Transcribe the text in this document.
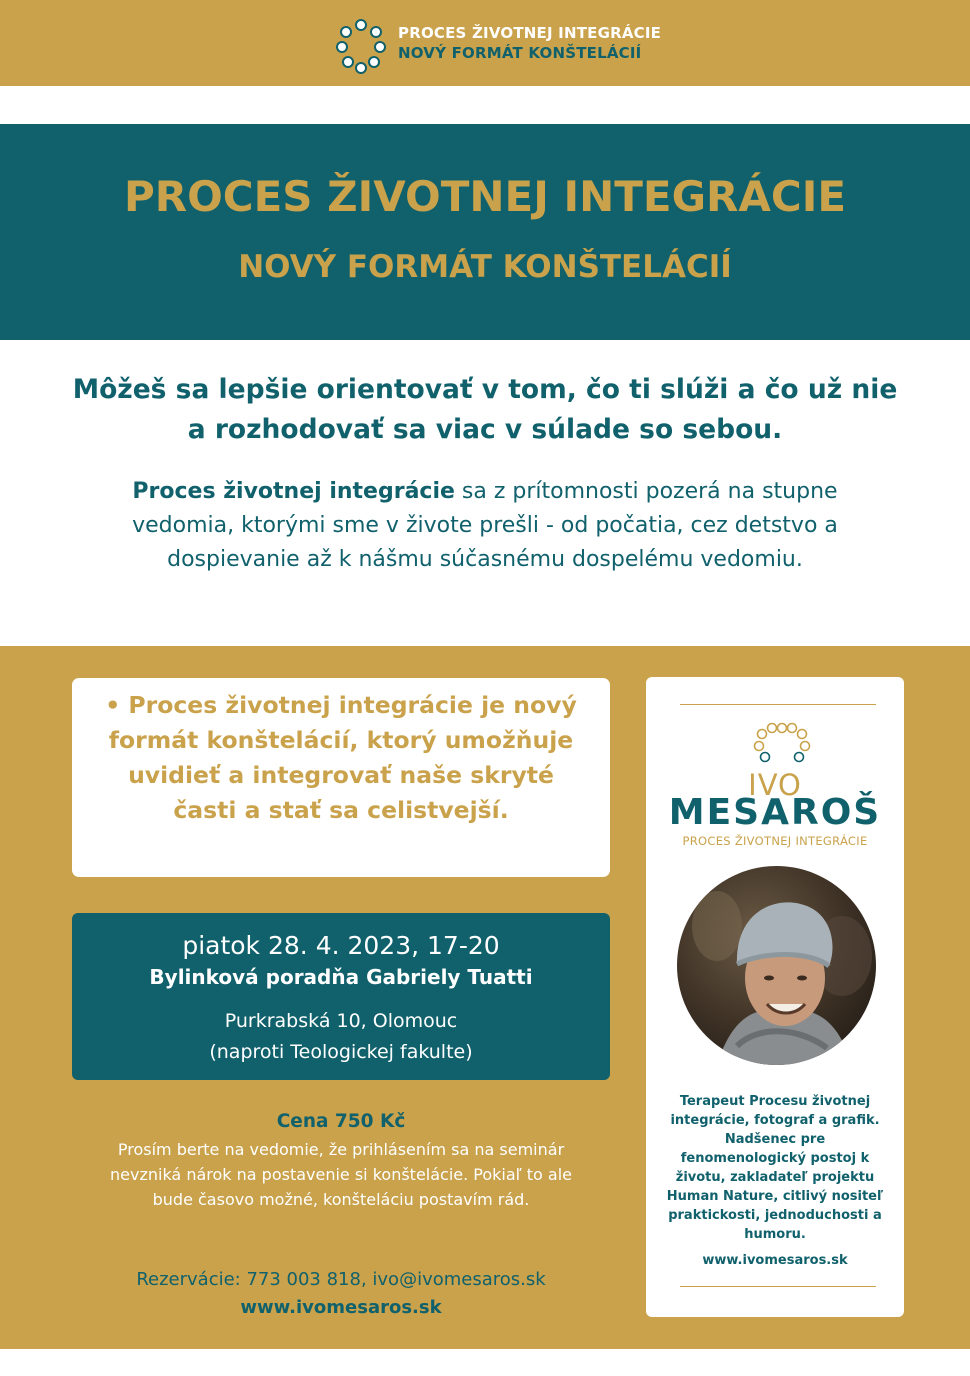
PROCES ŽIVOTNEJ INTEGRÁCIE
NOVÝ FORMÁT KONŠTELÁCIÍ
PROCES ŽIVOTNEJ INTEGRÁCIE
NOVÝ FORMÁT KONŠTELÁCIÍ
Môžeš sa lepšie orientovať v tom, čo ti slúži a čo už nie a rozhodovať sa viac v súlade so sebou.
Proces životnej integrácie sa z prítomnosti pozerá na stupne vedomia, ktorými sme v živote prešli - od počatia, cez detstvo a dospievanie až k nášmu súčasnému dospelému vedomiu.
• Proces životnej integrácie je nový formát konštelácií, ktorý umožňuje uvidieť a integrovať naše skryté časti a stať sa celistvejší.
piatok 28. 4. 2023, 17-20
Bylinková poradňa Gabriely Tuatti
Purkrabská 10, Olomouc
(naproti Teologickej fakulte)
Cena 750 Kč
Prosím berte na vedomie, že prihlásením sa na seminár nevzniká nárok na postavenie si konštelácie. Pokiaľ to ale bude časovo možné, konšteláciu postavím rád.
Rezervácie: 773 003 818, ivo@ivomesaros.sk
www.ivomesaros.sk
IVO
MESAROŠ
PROCES ŽIVOTNEJ INTEGRÁCIE
Terapeut Procesu životnej integrácie, fotograf a grafik. Nadšenec pre fenomenologický postoj k životu, zakladateľ projektu Human Nature, citlivý nositeľ praktickosti, jednoduchosti a humoru.
www.ivomesaros.sk
